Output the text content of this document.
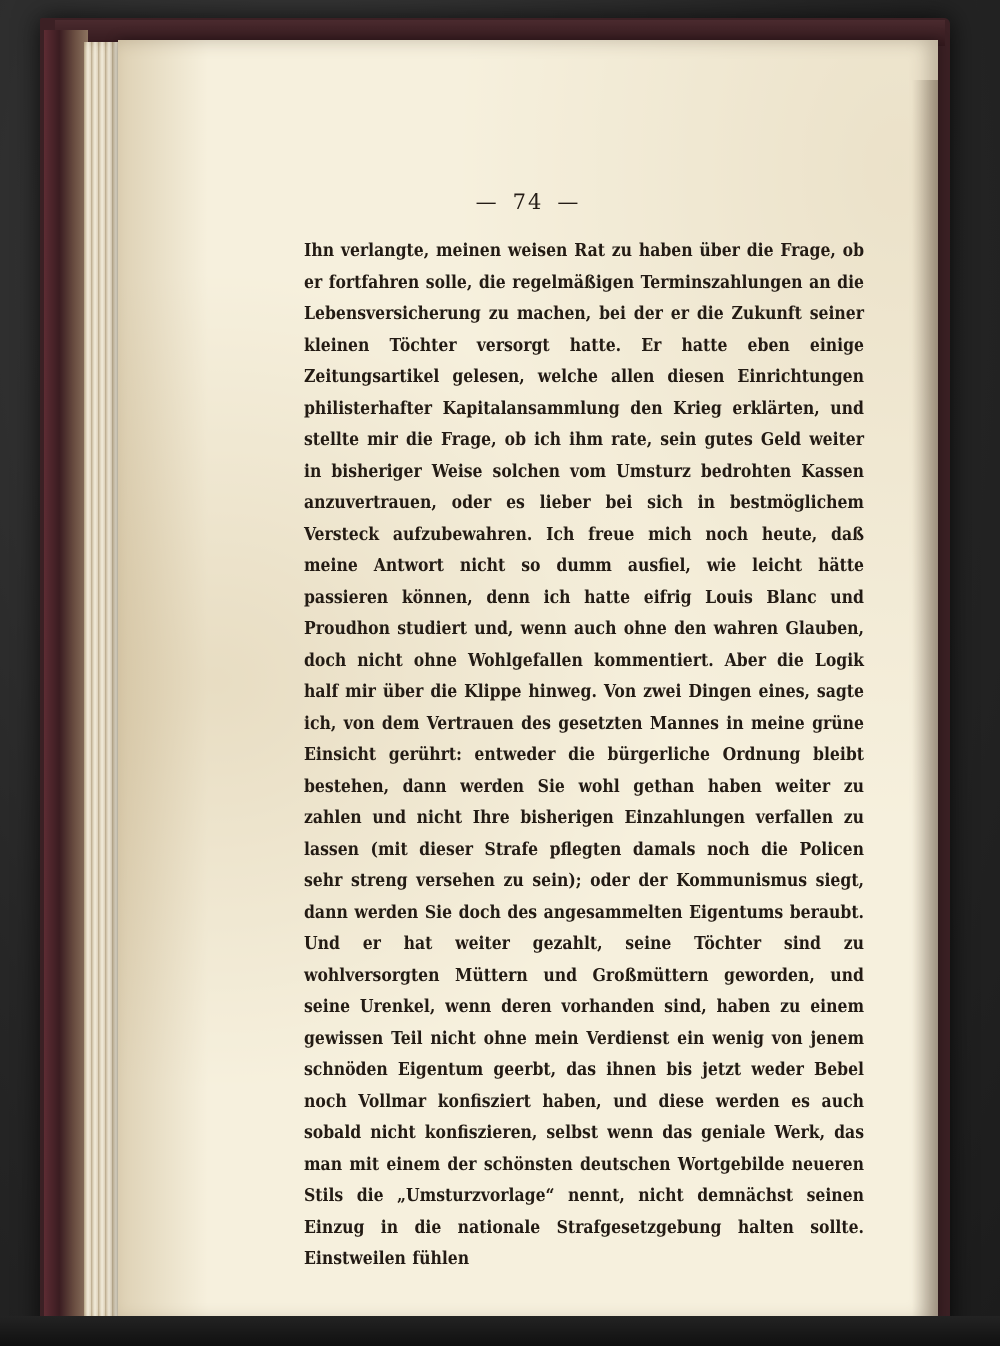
— 74 —

Ihn verlangte, meinen weisen Rat zu haben über die Frage, ob er fortfahren solle, die regelmäßigen Terminszahlungen an die Lebensversicherung zu machen, bei der er die Zukunft seiner kleinen Töchter versorgt hatte. Er hatte eben einige Zeitungsartikel gelesen, welche allen diesen Einrichtungen philisterhafter Kapitalansammlung den Krieg erklärten, und stellte mir die Frage, ob ich ihm rate, sein gutes Geld weiter in bisheriger Weise solchen vom Umsturz bedrohten Kassen anzuvertrauen, oder es lieber bei sich in bestmöglichem Versteck aufzubewahren. Ich freue mich noch heute, daß meine Antwort nicht so dumm ausfiel, wie leicht hätte passieren können, denn ich hatte eifrig Louis Blanc und Proudhon studiert und, wenn auch ohne den wahren Glauben, doch nicht ohne Wohlgefallen kommentiert. Aber die Logik half mir über die Klippe hinweg. Von zwei Dingen eines, sagte ich, von dem Vertrauen des gesetzten Mannes in meine grüne Einsicht gerührt: entweder die bürgerliche Ordnung bleibt bestehen, dann werden Sie wohl gethan haben weiter zu zahlen und nicht Ihre bisherigen Einzahlungen verfallen zu lassen (mit dieser Strafe pflegten damals noch die Policen sehr streng versehen zu sein); oder der Kommunismus siegt, dann werden Sie doch des angesammelten Eigentums beraubt. Und er hat weiter gezahlt, seine Töchter sind zu wohlversorgten Müttern und Großmüttern geworden, und seine Urenkel, wenn deren vorhanden sind, haben zu einem gewissen Teil nicht ohne mein Verdienst ein wenig von jenem schnöden Eigentum geerbt, das ihnen bis jetzt weder Bebel noch Vollmar konfisziert haben, und diese werden es auch sobald nicht konfiszieren, selbst wenn das geniale Werk, das man mit einem der schönsten deutschen Wortgebilde neueren Stils die „Umsturzvorlage“ nennt, nicht demnächst seinen Einzug in die nationale Strafgesetzgebung halten sollte. Einstweilen fühlen
